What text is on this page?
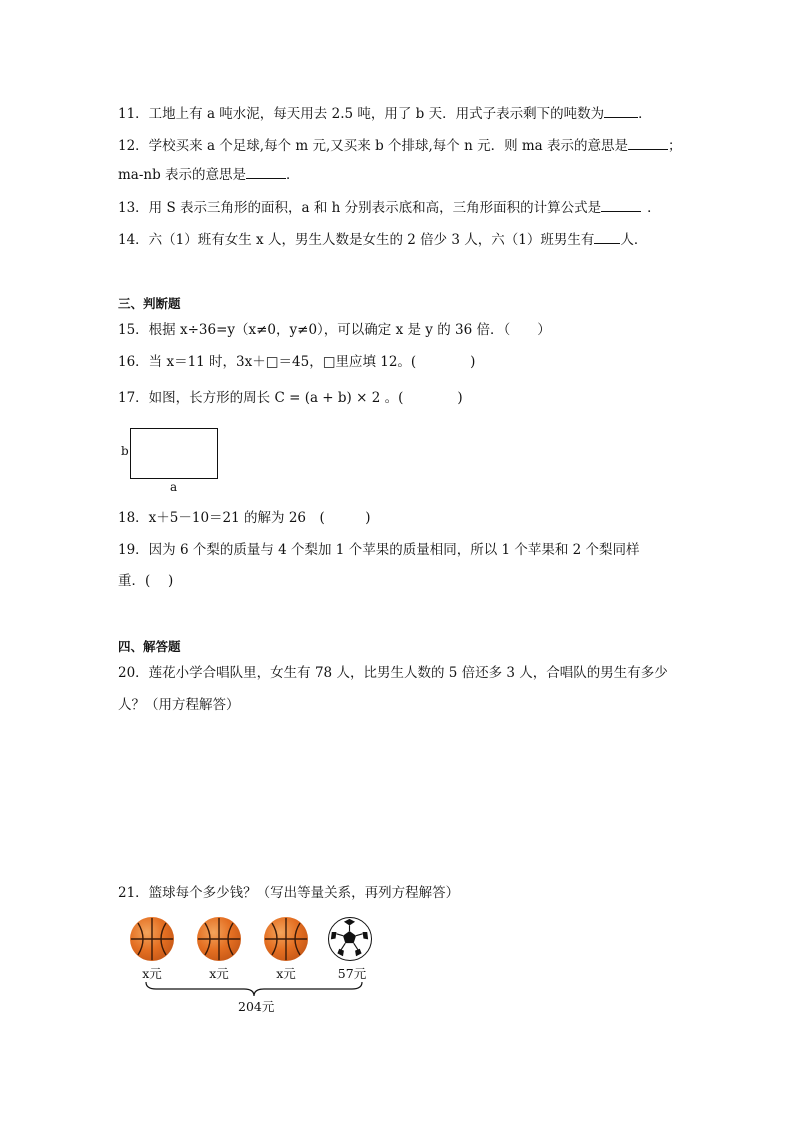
11．工地上有 a 吨水泥，每天用去 2.5 吨，用了 b 天．用式子表示剩下的吨数为	．
12．学校买来 a 个足球,每个 m 元,又买来 b 个排球,每个 n 元．则 ma 表示的意思是	；
ma-nb 表示的意思是	．
13．用 S 表示三角形的面积，a 和 h 分别表示底和高，三角形面积的计算公式是	．
14．六（1）班有女生 x 人，男生人数是女生的 2 倍少 3 人，六（1）班男生有 人．
三、判断题
15．根据 x÷36=y（x≠0，y≠0），可以确定 x 是 y 的 36 倍．（　　）
16．当 x＝11 时，3x＋□＝45，□里应填 12。(　　　　)
17．如图，长方形的周长 C = (a + b) × 2 。(　　　　)
b
a
18．x＋5－10＝21 的解为 26　(　　　)
19．因为 6 个梨的质量与 4 个梨加 1 个苹果的质量相同，所以 1 个苹果和 2 个梨同样
重．(　 )
四、解答题
20．莲花小学合唱队里，女生有 78 人，比男生人数的 5 倍还多 3 人，合唱队的男生有多少
人？（用方程解答）
21．篮球每个多少钱？（写出等量关系，再列方程解答）
x元	x元	x元	57元
204元
